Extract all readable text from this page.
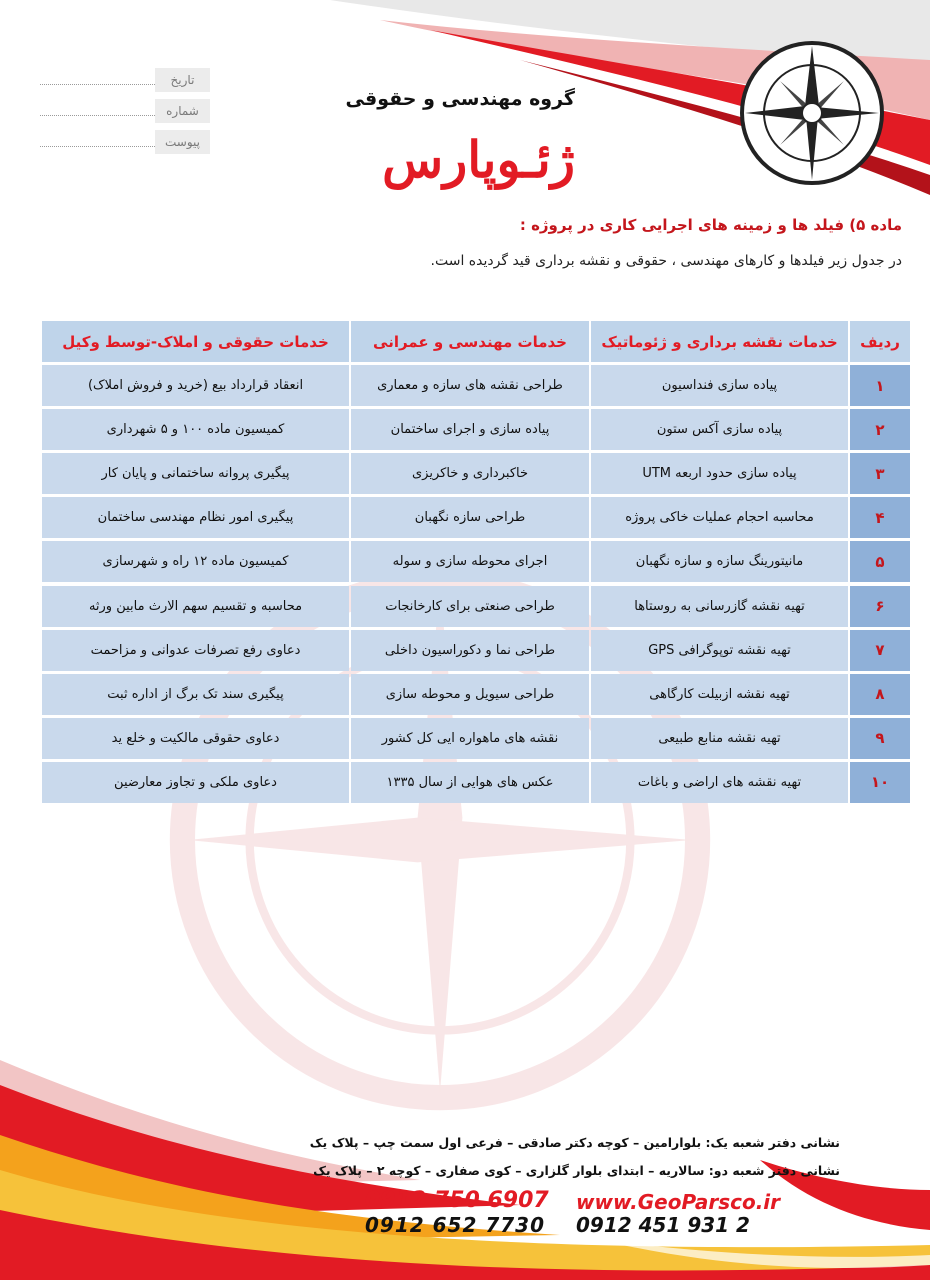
تاریخ
شماره
پیوست
گروه مهندسی و حقوقی
ژئـوپارس
ماده ۵) فیلد ها و زمینه های اجرایی کاری در پروژه :
در جدول زیر فیلدها و کارهای مهندسی ، حقوقی و نقشه برداری قید گردیده است.
ردیف
خدمات نقشه برداری و ژئوماتیک
خدمات مهندسی و عمرانی
خدمات حقوقی و املاک-توسط وکیل
۱
پیاده سازی فنداسیون
طراحی نقشه های سازه و معماری
انعقاد قرارداد بیع (خرید و فروش املاک)
۲
پیاده سازی آکس ستون
پیاده سازی و اجرای ساختمان
کمیسیون ماده ۱۰۰ و ۵ شهرداری
۳
پیاده سازی حدود اربعه UTM
خاکبرداری و خاکریزی
پیگیری پروانه ساختمانی و پایان کار
۴
محاسبه احجام عملیات خاکی پروژه
طراحی سازه نگهبان
پیگیری امور نظام مهندسی ساختمان
۵
مانیتورینگ سازه و سازه نگهبان
اجرای محوطه سازی و سوله
کمیسیون ماده ۱۲ راه و شهرسازی
۶
تهیه نقشه گازرسانی به روستاها
طراحی صنعتی برای کارخانجات
محاسبه و تقسیم سهم الارث مابین ورثه
۷
تهیه نقشه توپوگرافی GPS
طراحی نما و دکوراسیون داخلی
دعاوی رفع تصرفات عدوانی و مزاحمت
۸
تهیه نقشه ازبیلت کارگاهی
طراحی سیویل و محوطه سازی
پیگیری سند تک برگ از اداره ثبت
۹
تهیه نقشه منابع طبیعی
نقشه های ماهواره ایی کل کشور
دعاوی حقوقی مالکیت و خلع ید
۱۰
تهیه نقشه های اراضی و باغات
عکس های هوایی از سال ۱۳۳۵
دعاوی ملکی و تجاوز معارضین
نشانی دفتر شعبه یک: بلوارامین – کوچه دکتر صادقی – فرعی اول سمت چپ – پلاک یک
نشانی دفتر شعبه دو: سالاریه – ابتدای بلوار گلزاری – کوی صفاری – کوچه ۲ – پلاک یک
0912 750 6907 www.GeoParsco.ir
0912 652 7730 0912 451 931 2
